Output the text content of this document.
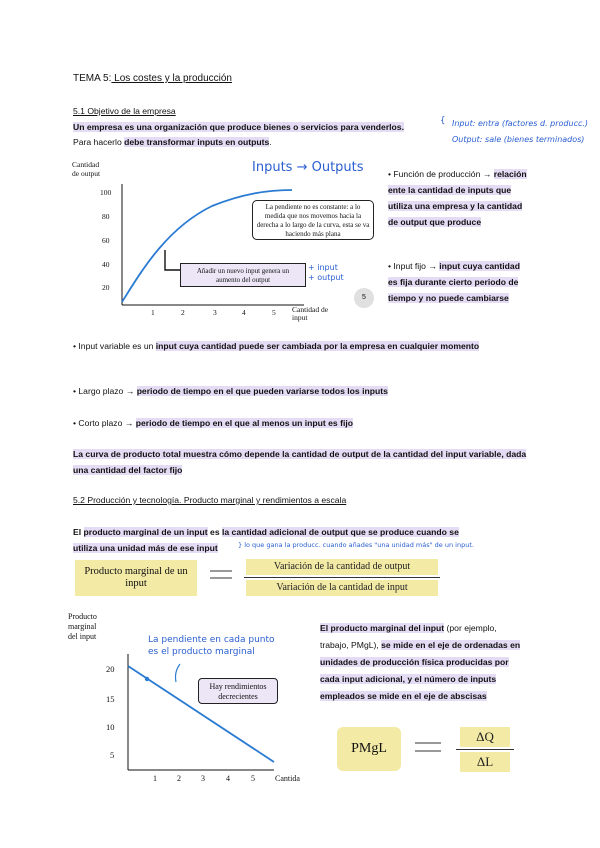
TEMA 5: Los costes y la producción
5.1 Objetivo de la empresa
Un empresa es una organización que produce bienes o servicios para venderlos.
Para hacerlo debe transformar inputs en outputs.
{ Input: entra (factores d. producc.)
Output: sale (bienes terminados)
Cantidad
de output
100
80
60
40
20
1	2	3	4	5 Cantidad de
input
Inputs → Outputs
La pendiente no es constante: a lo medida que nos movemos hacia la derecha a lo largo de la curva, esta se va haciendo más plana
Añadir un nuevo input genera un aumento del output
+ input
+ output
5
• Función de producción → relación ente la cantidad de inputs que utiliza una empresa y la cantidad de output que produce
• Input fijo → input cuya cantidad es fija durante cierto periodo de tiempo y no puede cambiarse
• Input variable es un input cuya cantidad puede ser cambiada por la empresa en cualquier momento
• Largo plazo → periodo de tiempo en el que pueden variarse todos los inputs
• Corto plazo → periodo de tiempo en el que al menos un input es fijo
La curva de producto total muestra cómo depende la cantidad de output de la cantidad del input variable, dada una cantidad del factor fijo
5.2 Producción y tecnología. Producto marginal y rendimientos a escala
El producto marginal de un input es la cantidad adicional de output que se produce cuando se
utiliza una unidad más de ese input	} lo que gana la producc. cuando añades "una unidad más" de un input.
Producto marginal de un input
Variación de la cantidad de output
Variación de la cantidad de input
Producto
marginal
del input
20
15
10
5
1	2	3	4	5	Cantida
La pendiente en cada punto
es el producto marginal
Hay rendimientos decrecientes
El producto marginal del input (por ejemplo, trabajo, PMgL), se mide en el eje de ordenadas en unidades de producción física producidas por cada input adicional, y el número de inputs empleados se mide en el eje de abscisas
PMgL
ΔQ
ΔL
